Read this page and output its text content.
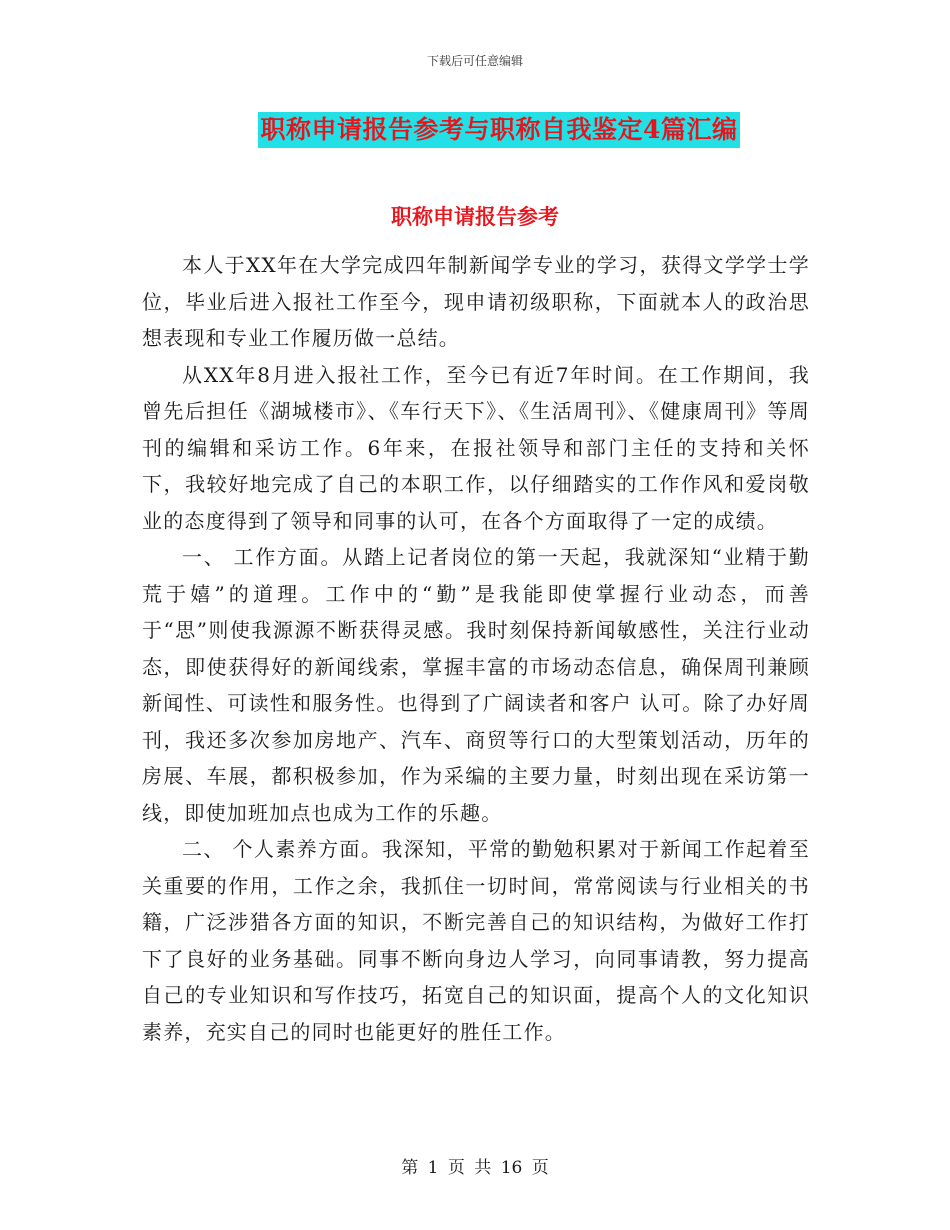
下载后可任意编辑
职称申请报告参考与职称自我鉴定4篇汇编
职称申请报告参考

本人于XX年在大学完成四年制新闻学专业的学习，获得文学学士学位，毕业后进入报社工作至今，现申请初级职称，下面就本人的政治思想表现和专业工作履历做一总结。

从XX年8月进入报社工作，至今已有近7年时间。在工作期间，我曾先后担任《湖城楼市》、《车行天下》、《生活周刊》、《健康周刊》等周刊的编辑和采访工作。6年来，在报社领导和部门主任的支持和关怀下，我较好地完成了自己的本职工作，以仔细踏实的工作作风和爱岗敬业的态度得到了领导和同事的认可，在各个方面取得了一定的成绩。

一、 工作方面。从踏上记者岗位的第一天起，我就深知“业精于勤荒于嬉”的道理。工作中的“勤”是我能即使掌握行业动态，而善于“思”则使我源源不断获得灵感。我时刻保持新闻敏感性，关注行业动态，即使获得好的新闻线索，掌握丰富的市场动态信息，确保周刊兼顾新闻性、可读性和服务性。也得到了广阔读者和客户 认可。除了办好周刊，我还多次参加房地产、汽车、商贸等行口的大型策划活动，历年的房展、车展，都积极参加，作为采编的主要力量，时刻出现在采访第一线，即使加班加点也成为工作的乐趣。

二、 个人素养方面。我深知，平常的勤勉积累对于新闻工作起着至关重要的作用，工作之余，我抓住一切时间，常常阅读与行业相关的书籍，广泛涉猎各方面的知识，不断完善自己的知识结构，为做好工作打下了良好的业务基础。同事不断向身边人学习，向同事请教，努力提高自己的专业知识和写作技巧，拓宽自己的知识面，提高个人的文化知识素养，充实自己的同时也能更好的胜任工作。

第 1 页 共 16 页
